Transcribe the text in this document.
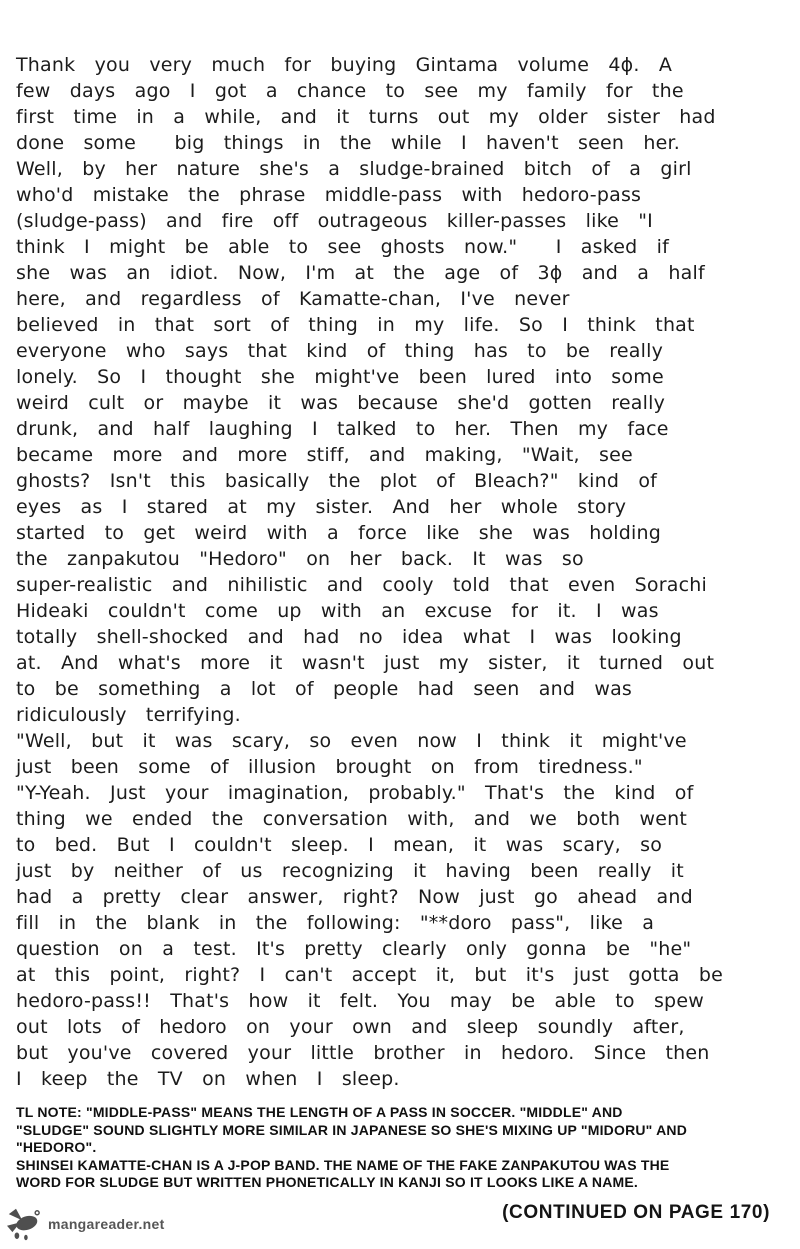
Thank you very much for buying Gintama volume 4ϕ. A
few days ago I got a chance to see my family for the
first time in a while, and it turns out my older sister had
done some  big things in the while I haven't seen her.
Well, by her nature she's a sludge-brained bitch of a girl
who'd mistake the phrase middle-pass with hedoro-pass
(sludge-pass) and fire off outrageous killer-passes like "I
think I might be able to see ghosts now."  I asked if
she was an idiot. Now, I'm at the age of 3ϕ and a half
here, and regardless of Kamatte-chan, I've never
believed in that sort of thing in my life. So I think that
everyone who says that kind of thing has to be really
lonely. So I thought she might've been lured into some
weird cult or maybe it was because she'd gotten really
drunk, and half laughing I talked to her. Then my face
became more and more stiff, and making, "Wait, see
ghosts? Isn't this basically the plot of Bleach?" kind of
eyes as I stared at my sister. And her whole story
started to get weird with a force like she was holding
the zanpakutou "Hedoro" on her back. It was so
super-realistic and nihilistic and cooly told that even Sorachi
Hideaki couldn't come up with an excuse for it. I was
totally shell-shocked and had no idea what I was looking
at. And what's more it wasn't just my sister, it turned out
to be something a lot of people had seen and was
ridiculously terrifying.
"Well, but it was scary, so even now I think it might've
just been some of illusion brought on from tiredness."
"Y-Yeah. Just your imagination, probably." That's the kind of
thing we ended the conversation with, and we both went
to bed. But I couldn't sleep. I mean, it was scary, so
just by neither of us recognizing it having been really it
had a pretty clear answer, right? Now just go ahead and
fill in the blank in the following: "**doro pass", like a
question on a test. It's pretty clearly only gonna be "he"
at this point, right? I can't accept it, but it's just gotta be
hedoro-pass!! That's how it felt. You may be able to spew
out lots of hedoro on your own and sleep soundly after,
but you've covered your little brother in hedoro. Since then
I keep the TV on when I sleep.
TL NOTE: "MIDDLE-PASS" MEANS THE LENGTH OF A PASS IN SOCCER. "MIDDLE" AND
"SLUDGE" SOUND SLIGHTLY MORE SIMILAR IN JAPANESE SO SHE'S MIXING UP "MIDORU" AND
"HEDORO".
SHINSEI KAMATTE-CHAN IS A J-POP BAND. THE NAME OF THE FAKE ZANPAKUTOU WAS THE
WORD FOR SLUDGE BUT WRITTEN PHONETICALLY IN KANJI SO IT LOOKS LIKE A NAME.
(CONTINUED ON PAGE 170)
mangareader.net
